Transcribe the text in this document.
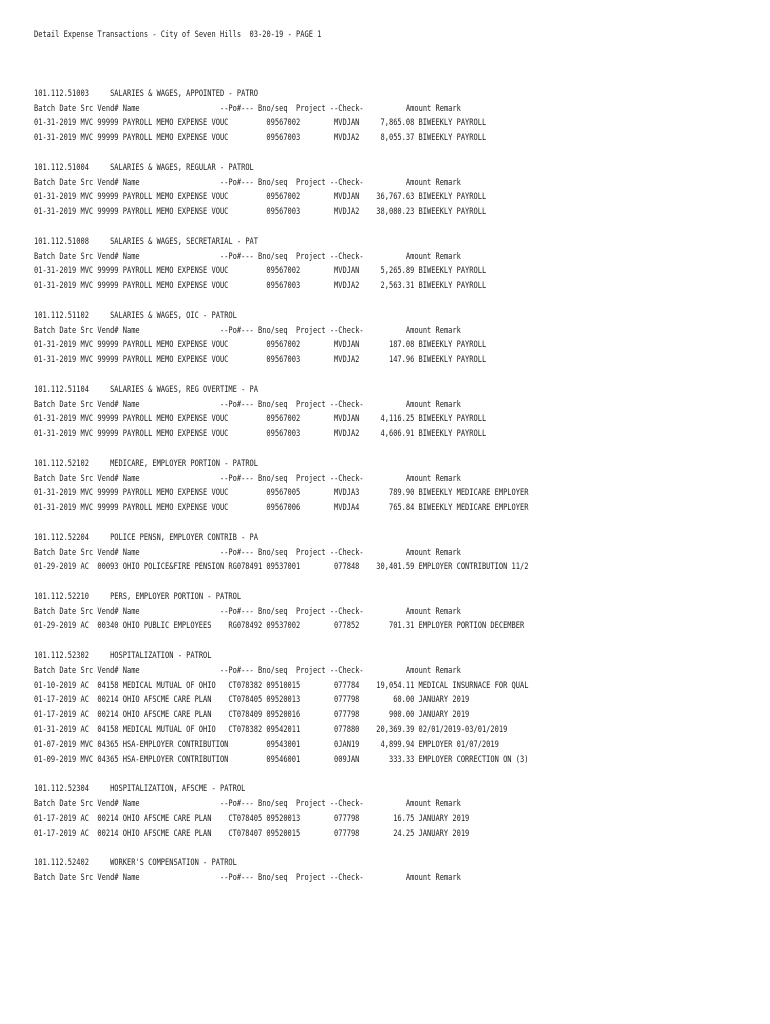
Detail Expense Transactions - City of Seven Hills  03-20-19 - PAGE 1
101.112.51003     SALARIES & WAGES, APPOINTED - PATRO
Batch Date Src Vend# Name                   --Po#--- Bno/seq  Project --Check-          Amount Remark
01-31-2019 MVC 99999 PAYROLL MEMO EXPENSE VOUC	09567002	MVDJAN 7,865.08 BIWEEKLY PAYROLL
01-31-2019 MVC 99999 PAYROLL MEMO EXPENSE VOUC	09567003	MVDJA2 8,055.37 BIWEEKLY PAYROLL
101.112.51004     SALARIES & WAGES, REGULAR - PATROL
Batch Date Src Vend# Name                   --Po#--- Bno/seq  Project --Check-          Amount Remark
01-31-2019 MVC 99999 PAYROLL MEMO EXPENSE VOUC	09567002	MVDJAN 36,767.63 BIWEEKLY PAYROLL
01-31-2019 MVC 99999 PAYROLL MEMO EXPENSE VOUC	09567003	MVDJA2 38,080.23 BIWEEKLY PAYROLL
101.112.51008     SALARIES & WAGES, SECRETARIAL - PAT
Batch Date Src Vend# Name                   --Po#--- Bno/seq  Project --Check-          Amount Remark
01-31-2019 MVC 99999 PAYROLL MEMO EXPENSE VOUC	09567002	MVDJAN 5,265.89 BIWEEKLY PAYROLL
01-31-2019 MVC 99999 PAYROLL MEMO EXPENSE VOUC	09567003	MVDJA2 2,563.31 BIWEEKLY PAYROLL
101.112.51102     SALARIES & WAGES, OIC - PATROL
Batch Date Src Vend# Name                   --Po#--- Bno/seq  Project --Check-          Amount Remark
01-31-2019 MVC 99999 PAYROLL MEMO EXPENSE VOUC	09567002	MVDJAN	187.08 BIWEEKLY PAYROLL
01-31-2019 MVC 99999 PAYROLL MEMO EXPENSE VOUC	09567003	MVDJA2	147.96 BIWEEKLY PAYROLL
101.112.51104     SALARIES & WAGES, REG OVERTIME - PA
Batch Date Src Vend# Name                   --Po#--- Bno/seq  Project --Check-          Amount Remark
01-31-2019 MVC 99999 PAYROLL MEMO EXPENSE VOUC	09567002	MVDJAN 4,116.25 BIWEEKLY PAYROLL
01-31-2019 MVC 99999 PAYROLL MEMO EXPENSE VOUC	09567003	MVDJA2 4,606.91 BIWEEKLY PAYROLL
101.112.52102     MEDICARE, EMPLOYER PORTION - PATROL
Batch Date Src Vend# Name                   --Po#--- Bno/seq  Project --Check-          Amount Remark
01-31-2019 MVC 99999 PAYROLL MEMO EXPENSE VOUC	09567005	MVDJA3	789.90 BIWEEKLY MEDICARE EMPLOYER
01-31-2019 MVC 99999 PAYROLL MEMO EXPENSE VOUC	09567006	MVDJA4	765.84 BIWEEKLY MEDICARE EMPLOYER
101.112.52204     POLICE PENSN, EMPLOYER CONTRIB - PA
Batch Date Src Vend# Name                   --Po#--- Bno/seq  Project --Check-          Amount Remark
01-29-2019 AC 00093 OHIO POLICE&FIRE PENSION RG078491 09537001	077848 30,401.59 EMPLOYER CONTRIBUTION 11/2
101.112.52210     PERS, EMPLOYER PORTION - PATROL
Batch Date Src Vend# Name                   --Po#--- Bno/seq  Project --Check-          Amount Remark
01-29-2019 AC 00340 OHIO PUBLIC EMPLOYEES RG078492 09537002	077852	701.31 EMPLOYER PORTION DECEMBER
101.112.52302     HOSPITALIZATION - PATROL
Batch Date Src Vend# Name                   --Po#--- Bno/seq  Project --Check-          Amount Remark
01-10-2019 AC 04158 MEDICAL MUTUAL OF OHIO CT078382 09510015	077784 19,054.11 MEDICAL INSURNACE FOR QUAL
01-17-2019 AC 00214 OHIO AFSCME CARE PLAN CT078405 09520013	077798	60.00 JANUARY 2019
01-17-2019 AC 00214 OHIO AFSCME CARE PLAN CT078409 09520016	077798	900.00 JANUARY 2019
01-31-2019 AC 04158 MEDICAL MUTUAL OF OHIO CT078382 09542011	077880 20,369.39 02/01/2019-03/01/2019
01-07-2019 MVC 04365 HSA-EMPLOYER CONTRIBUTION	09543001	0JAN19 4,899.94 EMPLOYER 01/07/2019
01-09-2019 MVC 04365 HSA-EMPLOYER CONTRIBUTION	09546001	009JAN	333.33 EMPLOYER CORRECTION ON (3)
101.112.52304     HOSPITALIZATION, AFSCME - PATROL
Batch Date Src Vend# Name                   --Po#--- Bno/seq  Project --Check-          Amount Remark
01-17-2019 AC 00214 OHIO AFSCME CARE PLAN CT078405 09520013	077798	16.75 JANUARY 2019
01-17-2019 AC 00214 OHIO AFSCME CARE PLAN CT078407 09520015	077798	24.25 JANUARY 2019
101.112.52402     WORKER'S COMPENSATION - PATROL
Batch Date Src Vend# Name                   --Po#--- Bno/seq  Project --Check-          Amount Remark
